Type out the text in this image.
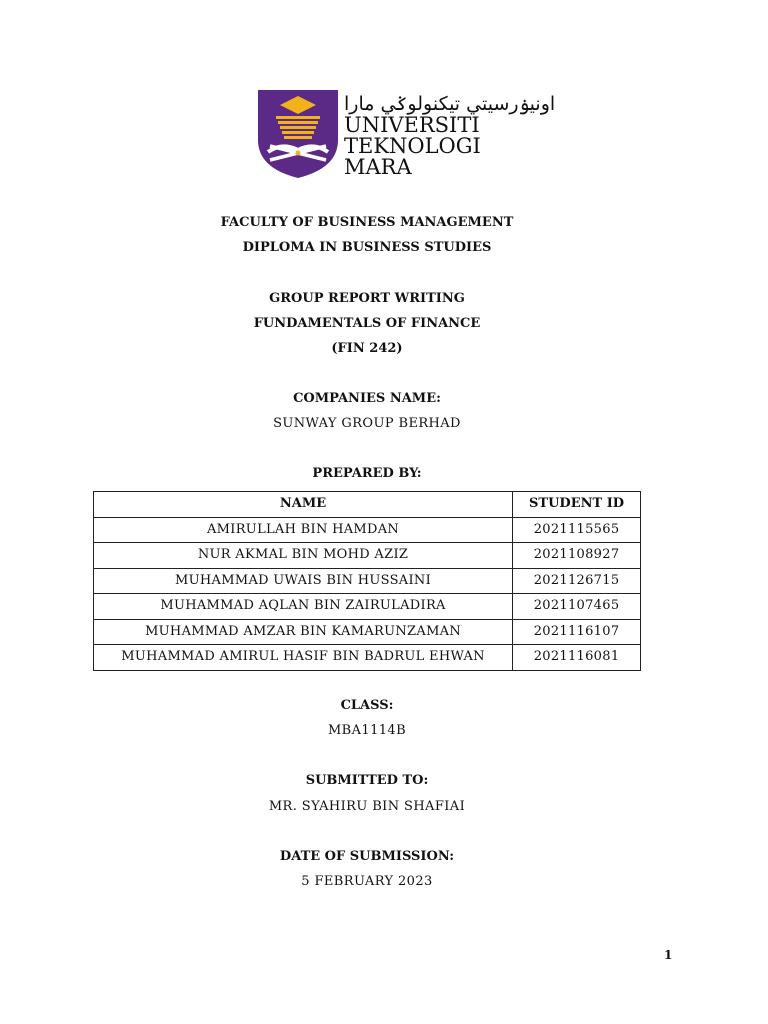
اونيۏرسيتي تيکنولوݢي مارا
UNIVERSITI
TEKNOLOGI
MARA
FACULTY OF BUSINESS MANAGEMENT
DIPLOMA IN BUSINESS STUDIES
GROUP REPORT WRITING
FUNDAMENTALS OF FINANCE
(FIN 242)
COMPANIES NAME:
SUNWAY GROUP BERHAD
PREPARED BY:
NAME	STUDENT ID
AMIRULLAH BIN HAMDAN	2021115565
NUR AKMAL BIN MOHD AZIZ	2021108927
MUHAMMAD UWAIS BIN HUSSAINI	2021126715
MUHAMMAD AQLAN BIN ZAIRULADIRA	2021107465
MUHAMMAD AMZAR BIN KAMARUNZAMAN	2021116107
MUHAMMAD AMIRUL HASIF BIN BADRUL EHWAN	2021116081
CLASS:
MBA1114B
SUBMITTED TO:
MR. SYAHIRU BIN SHAFIAI
DATE OF SUBMISSION:
5 FEBRUARY 2023
1
